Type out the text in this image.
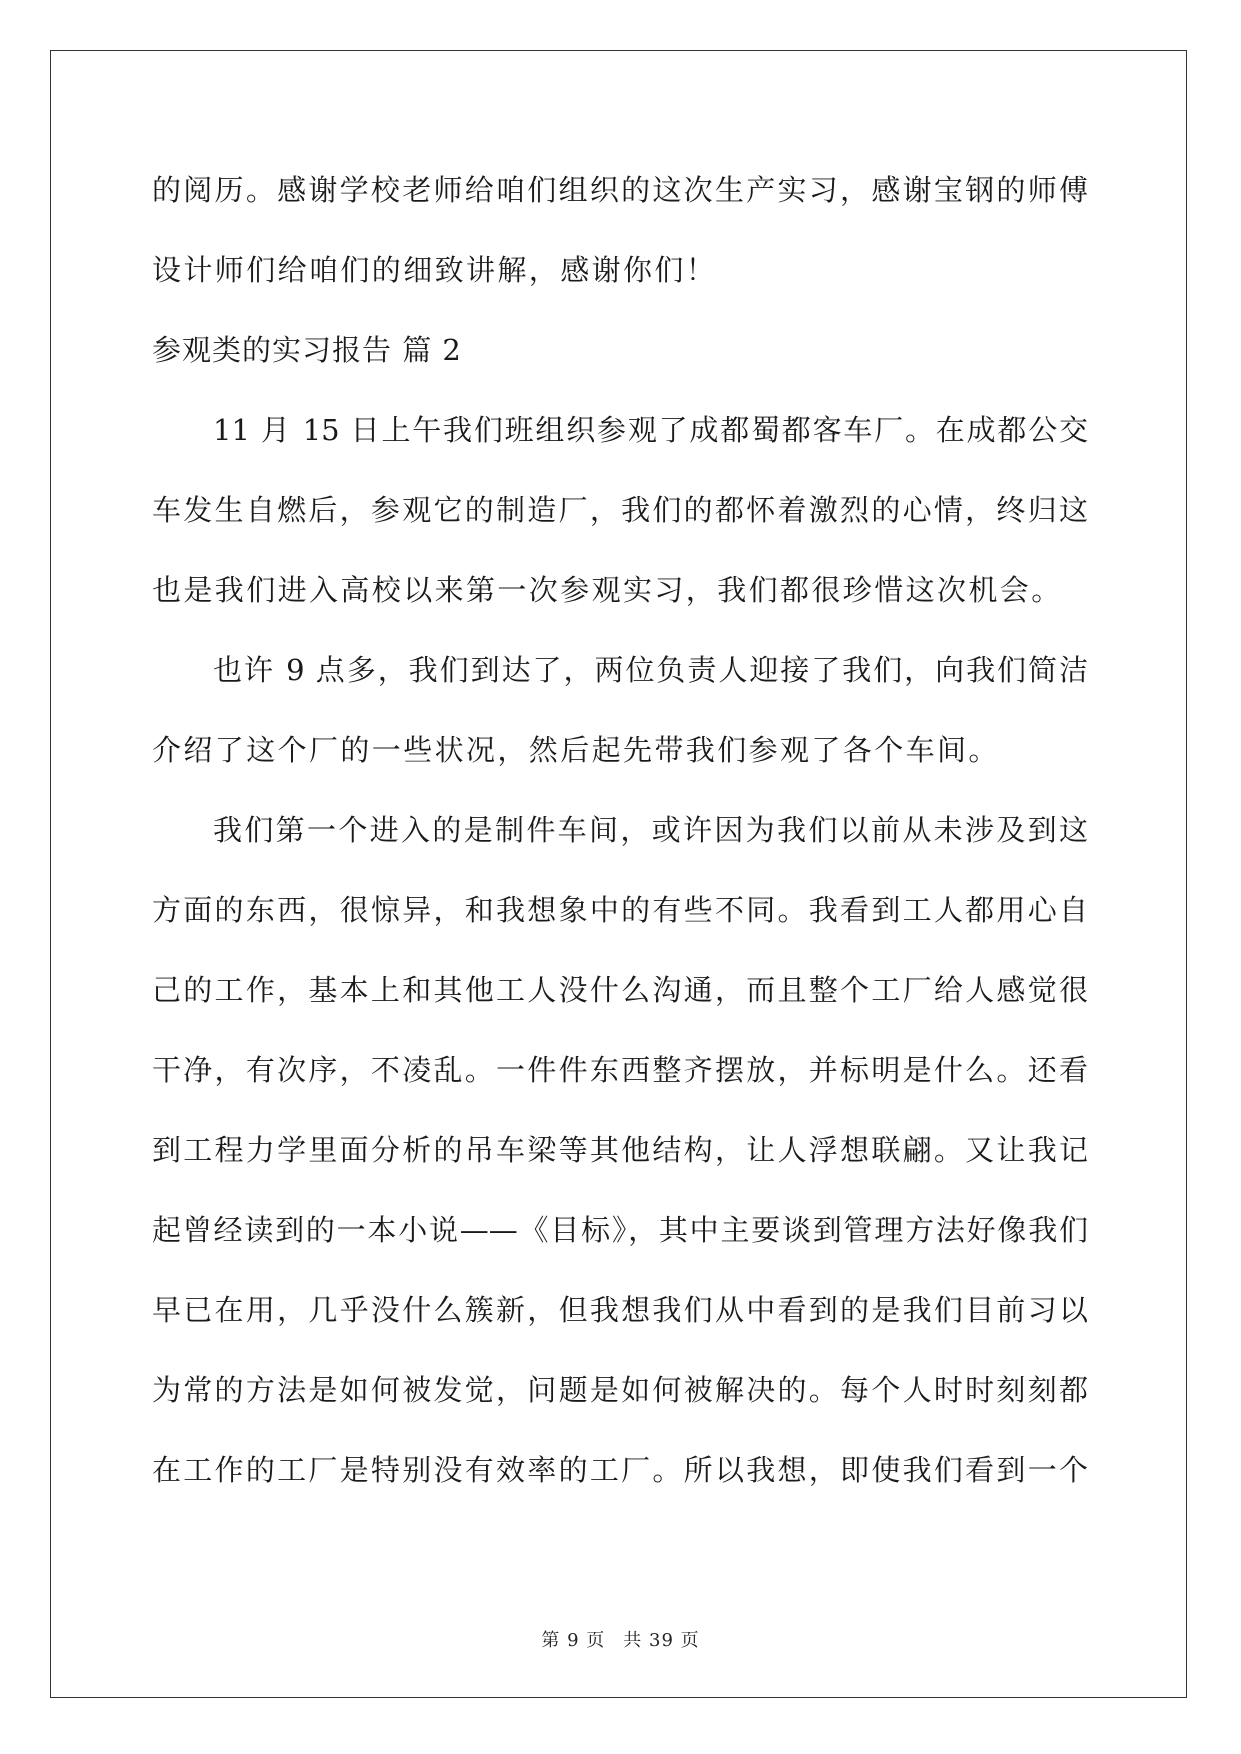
的阅历。感谢学校老师给咱们组织的这次生产实习，感谢宝钢的师傅
设计师们给咱们的细致讲解，感谢你们！
参观类的实习报告 篇 2
11 月 15 日上午我们班组织参观了成都蜀都客车厂。在成都公交
车发生自燃后，参观它的制造厂，我们的都怀着激烈的心情，终归这
也是我们进入高校以来第一次参观实习，我们都很珍惜这次机会。
也许 9 点多，我们到达了，两位负责人迎接了我们，向我们简洁
介绍了这个厂的一些状况，然后起先带我们参观了各个车间。
我们第一个进入的是制件车间，或许因为我们以前从未涉及到这
方面的东西，很惊异，和我想象中的有些不同。我看到工人都用心自
己的工作，基本上和其他工人没什么沟通，而且整个工厂给人感觉很
干净，有次序，不凌乱。一件件东西整齐摆放，并标明是什么。还看
到工程力学里面分析的吊车梁等其他结构，让人浮想联翩。又让我记
起曾经读到的一本小说——《目标》，其中主要谈到管理方法好像我们
早已在用，几乎没什么簇新，但我想我们从中看到的是我们目前习以
为常的方法是如何被发觉，问题是如何被解决的。每个人时时刻刻都
在工作的工厂是特别没有效率的工厂。所以我想，即使我们看到一个
第 9 页 共 39 页
